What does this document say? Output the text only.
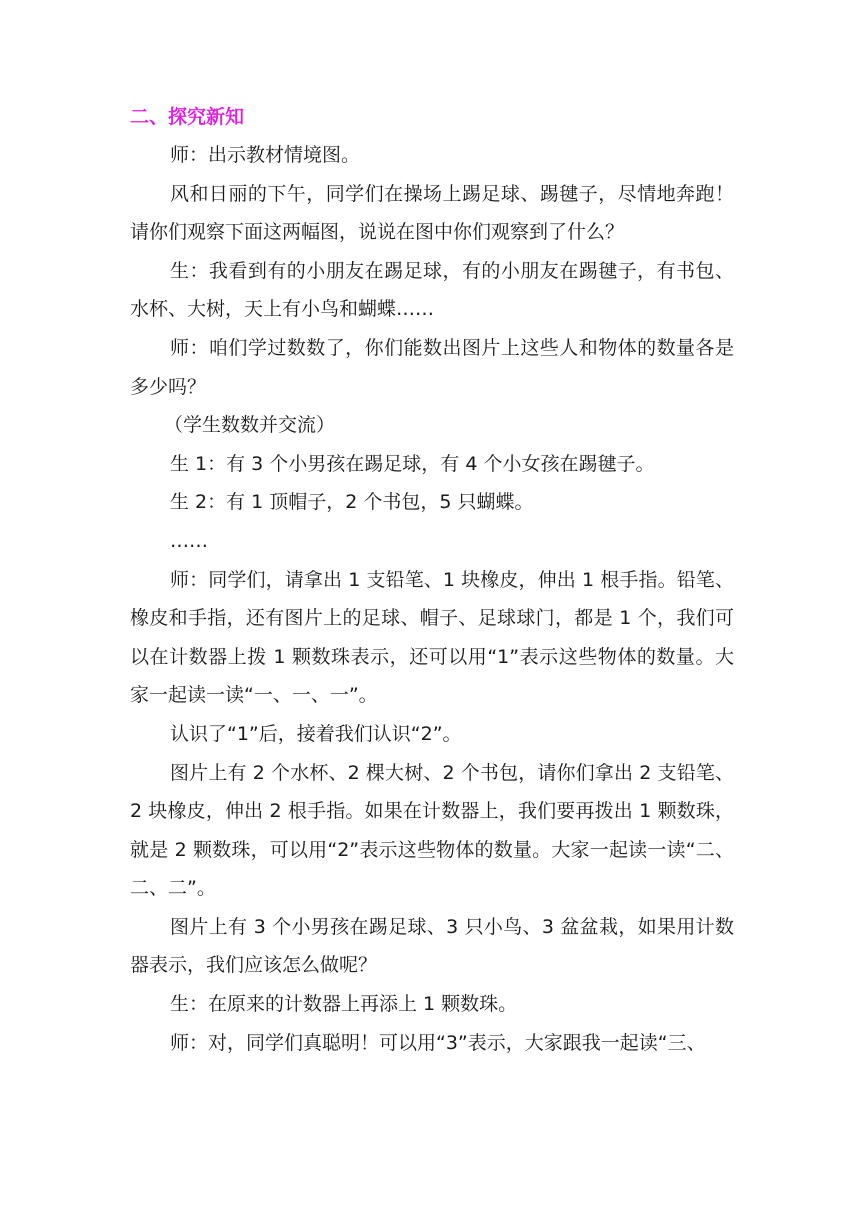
二、探究新知

师：出示教材情境图。

风和日丽的下午，同学们在操场上踢足球、踢毽子，尽情地奔跑！请你们观察下面这两幅图，说说在图中你们观察到了什么？

生：我看到有的小朋友在踢足球，有的小朋友在踢毽子，有书包、水杯、大树，天上有小鸟和蝴蝶……

师：咱们学过数数了，你们能数出图片上这些人和物体的数量各是多少吗？

（学生数数并交流）

生 1：有 3 个小男孩在踢足球，有 4 个小女孩在踢毽子。

生 2：有 1 顶帽子，2 个书包，5 只蝴蝶。

……

师：同学们，请拿出 1 支铅笔、1 块橡皮，伸出 1 根手指。铅笔、橡皮和手指，还有图片上的足球、帽子、足球球门，都是 1 个，我们可以在计数器上拨 1 颗数珠表示，还可以用“1”表示这些物体的数量。大家一起读一读“一、一、一”。

认识了“1”后，接着我们认识“2”。

图片上有 2 个水杯、2 棵大树、2 个书包，请你们拿出 2 支铅笔、2 块橡皮，伸出 2 根手指。如果在计数器上，我们要再拨出 1 颗数珠，就是 2 颗数珠，可以用“2”表示这些物体的数量。大家一起读一读“二、二、二”。

图片上有 3 个小男孩在踢足球、3 只小鸟、3 盆盆栽，如果用计数器表示，我们应该怎么做呢？

生：在原来的计数器上再添上 1 颗数珠。

师：对，同学们真聪明！可以用“3”表示，大家跟我一起读“三、
